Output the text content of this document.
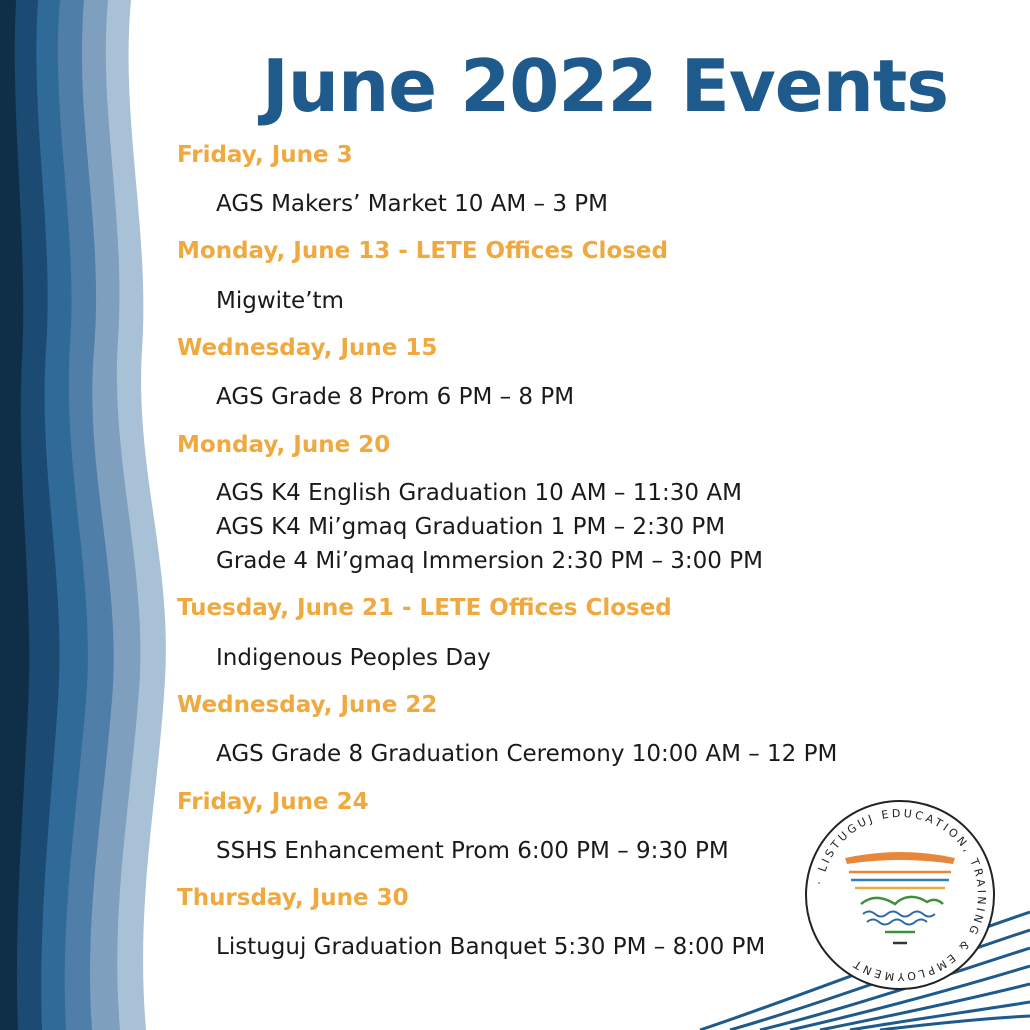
June 2022 Events
Friday, June 3
AGS Makers’ Market 10 AM – 3 PM
Monday, June 13 - LETE Offices Closed
Migwite’tm
Wednesday, June 15
AGS Grade 8 Prom 6 PM – 8 PM
Monday, June 20
AGS K4 English Graduation 10 AM – 11:30 AM
AGS K4 Mi’gmaq Graduation 1 PM – 2:30 PM
Grade 4 Mi’gmaq Immersion 2:30 PM – 3:00 PM
Tuesday, June 21 - LETE Offices Closed
Indigenous Peoples Day
Wednesday, June 22
AGS Grade 8 Graduation Ceremony 10:00 AM – 12 PM
Friday, June 24
SSHS Enhancement Prom 6:00 PM – 9:30 PM
Thursday, June 30
Listuguj Graduation Banquet 5:30 PM – 8:00 PM
· LISTUGUJ EDUCATION, TRAINING & EMPLOYMENT
